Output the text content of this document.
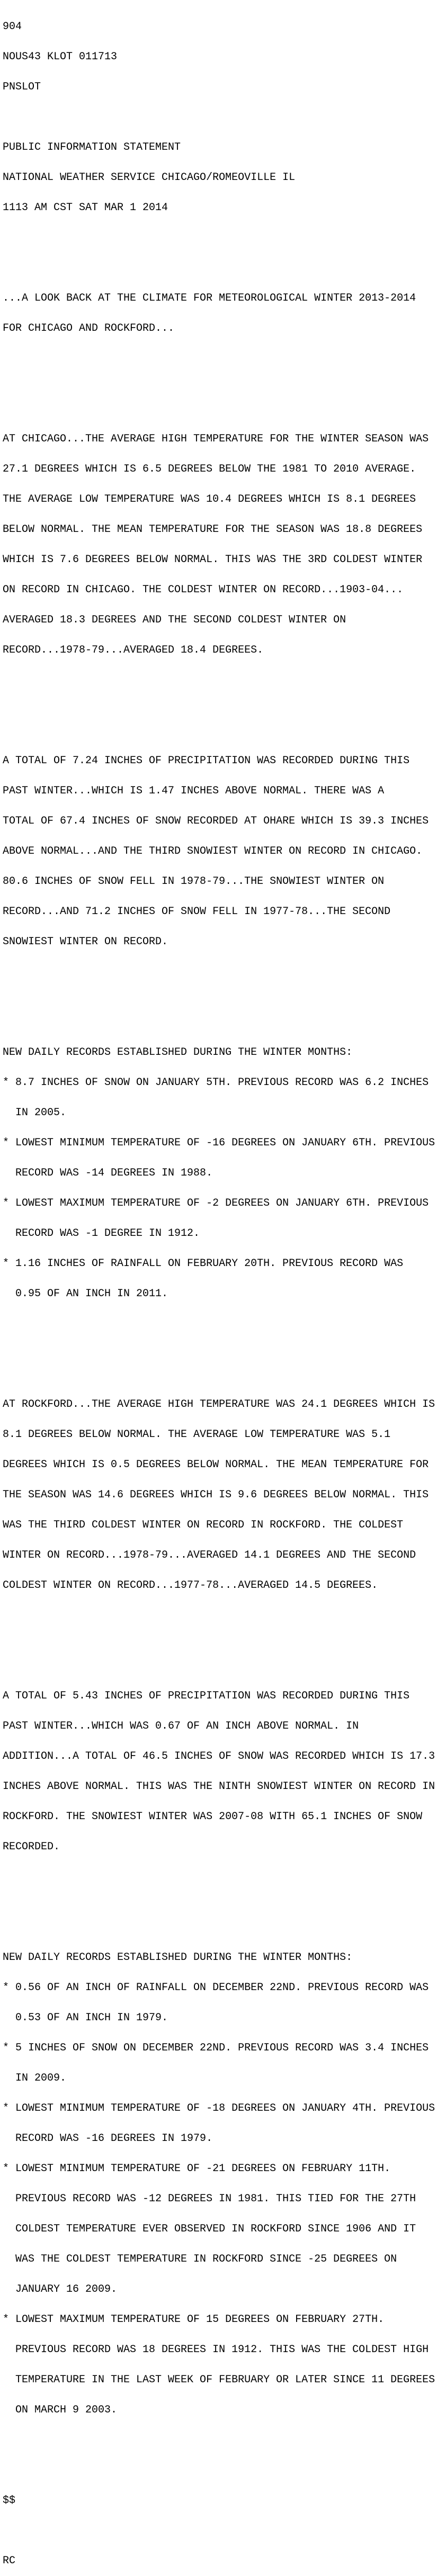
904

NOUS43 KLOT 011713

PNSLOT

PUBLIC INFORMATION STATEMENT

NATIONAL WEATHER SERVICE CHICAGO/ROMEOVILLE IL

1113 AM CST SAT MAR 1 2014

...A LOOK BACK AT THE CLIMATE FOR METEOROLOGICAL WINTER 2013-2014

FOR CHICAGO AND ROCKFORD...

AT CHICAGO...THE AVERAGE HIGH TEMPERATURE FOR THE WINTER SEASON WAS

27.1 DEGREES WHICH IS 6.5 DEGREES BELOW THE 1981 TO 2010 AVERAGE.

THE AVERAGE LOW TEMPERATURE WAS 10.4 DEGREES WHICH IS 8.1 DEGREES

BELOW NORMAL. THE MEAN TEMPERATURE FOR THE SEASON WAS 18.8 DEGREES

WHICH IS 7.6 DEGREES BELOW NORMAL. THIS WAS THE 3RD COLDEST WINTER

ON RECORD IN CHICAGO. THE COLDEST WINTER ON RECORD...1903-04...

AVERAGED 18.3 DEGREES AND THE SECOND COLDEST WINTER ON

RECORD...1978-79...AVERAGED 18.4 DEGREES.

A TOTAL OF 7.24 INCHES OF PRECIPITATION WAS RECORDED DURING THIS

PAST WINTER...WHICH IS 1.47 INCHES ABOVE NORMAL. THERE WAS A

TOTAL OF 67.4 INCHES OF SNOW RECORDED AT OHARE WHICH IS 39.3 INCHES

ABOVE NORMAL...AND THE THIRD SNOWIEST WINTER ON RECORD IN CHICAGO.

80.6 INCHES OF SNOW FELL IN 1978-79...THE SNOWIEST WINTER ON

RECORD...AND 71.2 INCHES OF SNOW FELL IN 1977-78...THE SECOND

SNOWIEST WINTER ON RECORD.

NEW DAILY RECORDS ESTABLISHED DURING THE WINTER MONTHS:

* 8.7 INCHES OF SNOW ON JANUARY 5TH. PREVIOUS RECORD WAS 6.2 INCHES

IN 2005.

* LOWEST MINIMUM TEMPERATURE OF -16 DEGREES ON JANUARY 6TH. PREVIOUS

RECORD WAS -14 DEGREES IN 1988.

* LOWEST MAXIMUM TEMPERATURE OF -2 DEGREES ON JANUARY 6TH. PREVIOUS

RECORD WAS -1 DEGREE IN 1912.

* 1.16 INCHES OF RAINFALL ON FEBRUARY 20TH. PREVIOUS RECORD WAS

0.95 OF AN INCH IN 2011.

AT ROCKFORD...THE AVERAGE HIGH TEMPERATURE WAS 24.1 DEGREES WHICH IS

8.1 DEGREES BELOW NORMAL. THE AVERAGE LOW TEMPERATURE WAS 5.1

DEGREES WHICH IS 0.5 DEGREES BELOW NORMAL. THE MEAN TEMPERATURE FOR

THE SEASON WAS 14.6 DEGREES WHICH IS 9.6 DEGREES BELOW NORMAL. THIS

WAS THE THIRD COLDEST WINTER ON RECORD IN ROCKFORD. THE COLDEST

WINTER ON RECORD...1978-79...AVERAGED 14.1 DEGREES AND THE SECOND

COLDEST WINTER ON RECORD...1977-78...AVERAGED 14.5 DEGREES.

A TOTAL OF 5.43 INCHES OF PRECIPITATION WAS RECORDED DURING THIS

PAST WINTER...WHICH WAS 0.67 OF AN INCH ABOVE NORMAL. IN

ADDITION...A TOTAL OF 46.5 INCHES OF SNOW WAS RECORDED WHICH IS 17.3

INCHES ABOVE NORMAL. THIS WAS THE NINTH SNOWIEST WINTER ON RECORD IN

ROCKFORD. THE SNOWIEST WINTER WAS 2007-08 WITH 65.1 INCHES OF SNOW

RECORDED.

NEW DAILY RECORDS ESTABLISHED DURING THE WINTER MONTHS:

* 0.56 OF AN INCH OF RAINFALL ON DECEMBER 22ND. PREVIOUS RECORD WAS

0.53 OF AN INCH IN 1979.

* 5 INCHES OF SNOW ON DECEMBER 22ND. PREVIOUS RECORD WAS 3.4 INCHES

IN 2009.

* LOWEST MINIMUM TEMPERATURE OF -18 DEGREES ON JANUARY 4TH. PREVIOUS

RECORD WAS -16 DEGREES IN 1979.

* LOWEST MINIMUM TEMPERATURE OF -21 DEGREES ON FEBRUARY 11TH.

PREVIOUS RECORD WAS -12 DEGREES IN 1981. THIS TIED FOR THE 27TH

COLDEST TEMPERATURE EVER OBSERVED IN ROCKFORD SINCE 1906 AND IT

WAS THE COLDEST TEMPERATURE IN ROCKFORD SINCE -25 DEGREES ON

JANUARY 16 2009.

* LOWEST MAXIMUM TEMPERATURE OF 15 DEGREES ON FEBRUARY 27TH.

PREVIOUS RECORD WAS 18 DEGREES IN 1912. THIS WAS THE COLDEST HIGH

TEMPERATURE IN THE LAST WEEK OF FEBRUARY OR LATER SINCE 11 DEGREES

ON MARCH 9 2003.

$$

RC
